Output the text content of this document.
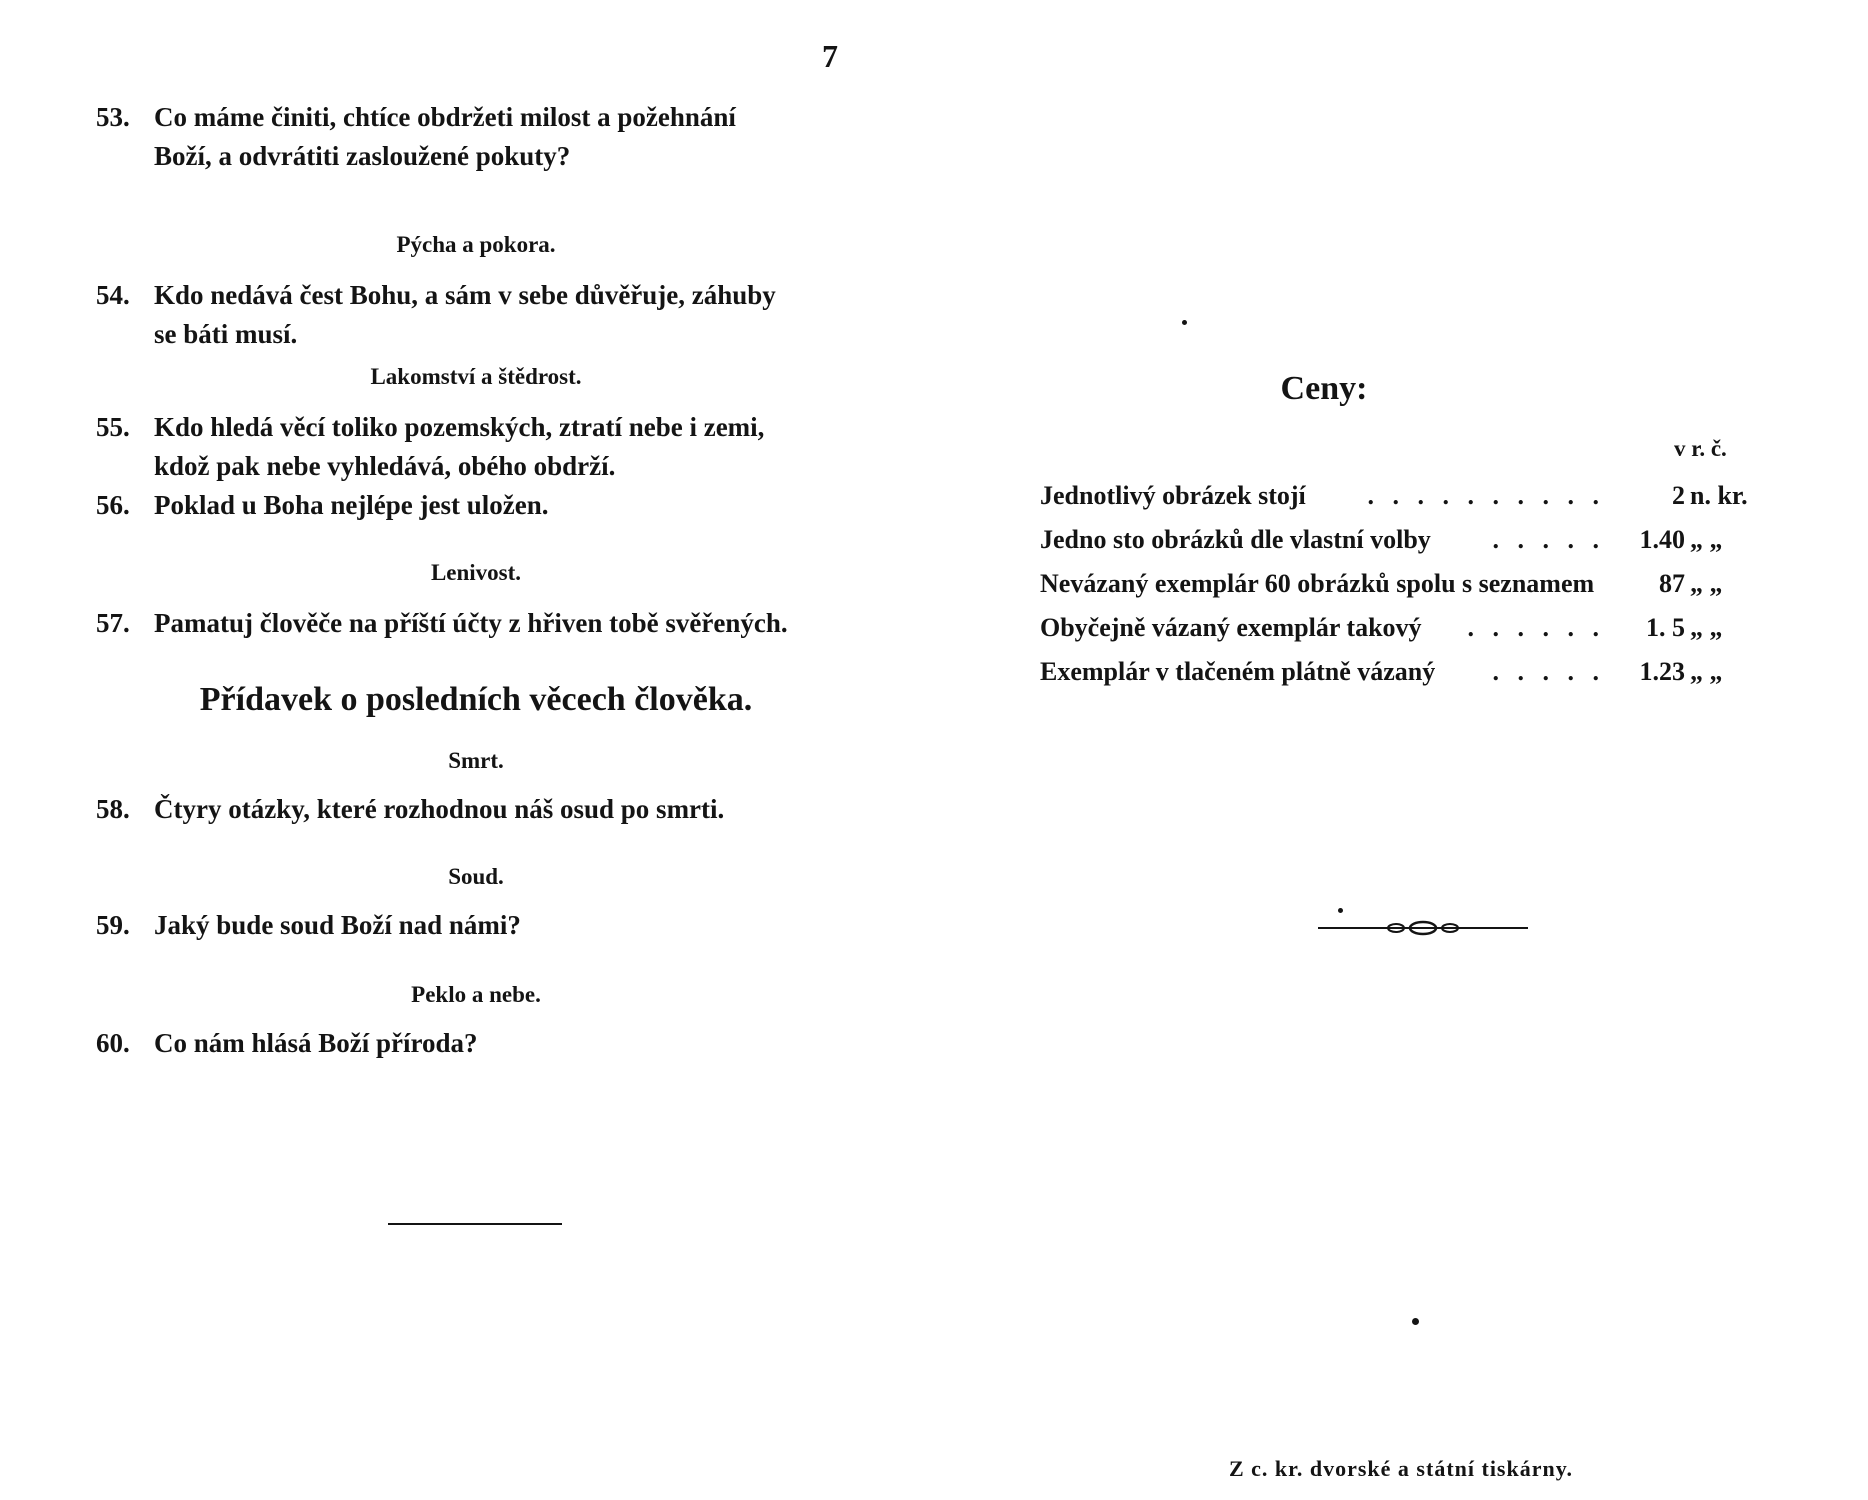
7
53. Co máme činiti, chtíce obdržeti milost a požehnání
Boží, a odvrátiti zasloužené pokuty?
Pýcha a pokora.
54. Kdo nedává čest Bohu, a sám v sebe důvěřuje, záhuby
se báti musí.
Lakomství a štědrost.
55. Kdo hledá věcí toliko pozemských, ztratí nebe i zemi,
kdož pak nebe vyhledává, obého obdrží.
56. Poklad u Boha nejlépe jest uložen.
Lenivost.
57. Pamatuj člověče na příští účty z hřiven tobě svěřených.
Přídavek o posledních věcech člověka.
Smrt.
58. Čtyry otázky, které rozhodnou náš osud po smrti.
Soud.
59. Jaký bude soud Boží nad námi?
Peklo a nebe.
60. Co nám hlásá Boží příroda?
Ceny:
v r. č.
. . . . . . . . . .
Jednotlivý obrázek stojí	2 n. kr.
. . . . .
Jedno sto obrázků dle vlastní volby	1.40 „ „
Nevázaný exemplár 60 obrázků spolu s seznamem	87 „ „
. . . . . .
Obyčejně vázaný exemplár takový	1. 5 „ „
. . . . .
Exemplár v tlačeném plátně vázaný	1.23 „ „
Z c. kr. dvorské a státní tiskárny.
